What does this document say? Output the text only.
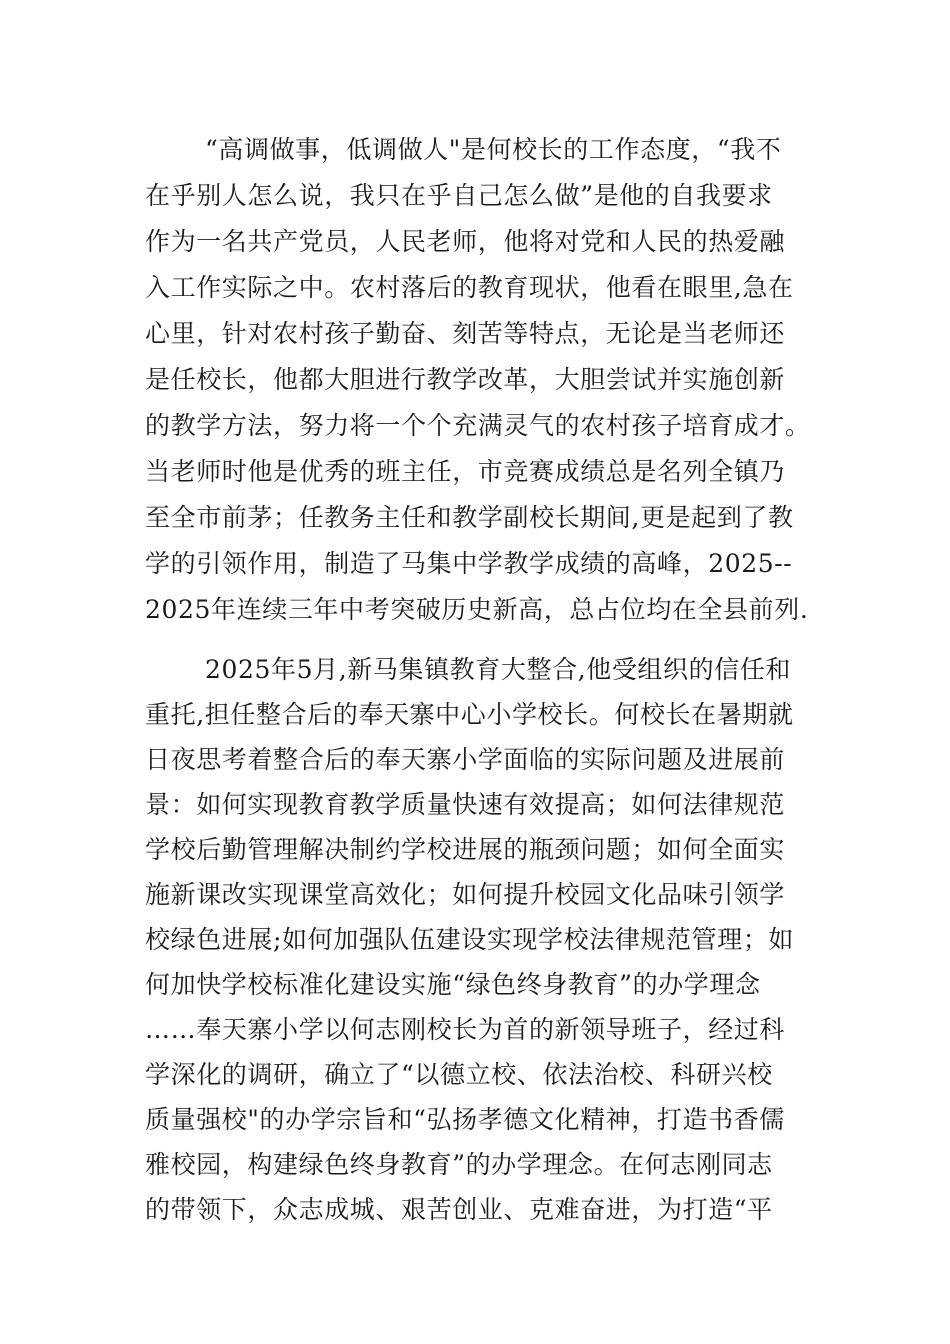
“高调做事，低调做人"是何校长的工作态度，“我不
在乎别人怎么说，我只在乎自己怎么做”是他的自我要求
作为一名共产党员，人民老师，他将对党和人民的热爱融
入工作实际之中。农村落后的教育现状，他看在眼里,急在
心里，针对农村孩子勤奋、刻苦等特点，无论是当老师还
是任校长，他都大胆进行教学改革，大胆尝试并实施创新
的教学方法，努力将一个个充满灵气的农村孩子培育成才。
当老师时他是优秀的班主任，市竞赛成绩总是名列全镇乃
至全市前茅；任教务主任和教学副校长期间,更是起到了教
学的引领作用，制造了马集中学教学成绩的高峰，2025--
2025年连续三年中考突破历史新高，总占位均在全县前列.
2025年5月,新马集镇教育大整合,他受组织的信任和
重托,担任整合后的奉天寨中心小学校长。何校长在暑期就
日夜思考着整合后的奉天寨小学面临的实际问题及进展前
景：如何实现教育教学质量快速有效提高；如何法律规范
学校后勤管理解决制约学校进展的瓶颈问题；如何全面实
施新课改实现课堂高效化；如何提升校园文化品味引领学
校绿色进展;如何加强队伍建设实现学校法律规范管理；如
何加快学校标准化建设实施“绿色终身教育”的办学理念
……奉天寨小学以何志刚校长为首的新领导班子，经过科
学深化的调研，确立了“以德立校、依法治校、科研兴校
质量强校"的办学宗旨和“弘扬孝德文化精神，打造书香儒
雅校园，构建绿色终身教育”的办学理念。在何志刚同志
的带领下，众志成城、艰苦创业、克难奋进，为打造“平
